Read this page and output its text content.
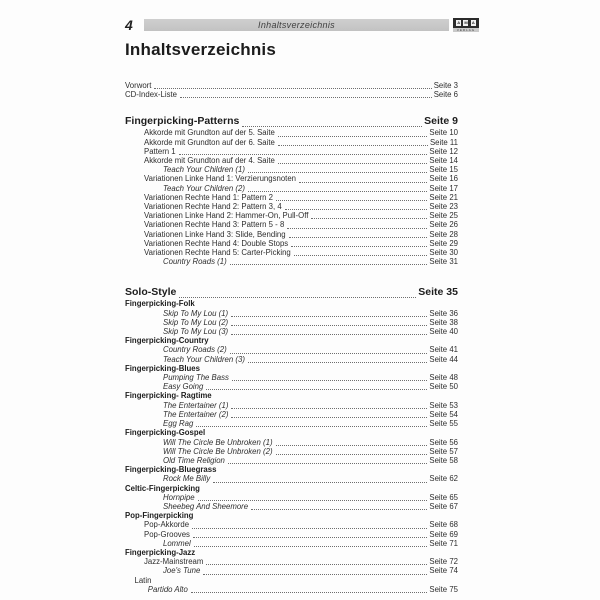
4	Inhaltsverzeichnis	A M A
VERLAG
Inhaltsverzeichnis
Vorwort	Seite 3
CD-Index-Liste	Seite 6
Fingerpicking-Patterns	Seite 9
Akkorde mit Grundton auf der 5. Saite	Seite 10
Akkorde mit Grundton auf der 6. Saite	Seite 11
Pattern 1	Seite 12
Akkorde mit Grundton auf der 4. Saite	Seite 14
Teach Your Children (1)	Seite 15
Variationen Linke Hand 1: Verzierungsnoten	Seite 16
Teach Your Children (2)	Seite 17
Variationen Rechte Hand 1: Pattern 2	Seite 21
Variationen Rechte Hand 2: Pattern 3, 4	Seite 23
Variationen Linke Hand 2: Hammer-On, Pull-Off	Seite 25
Variationen Rechte Hand 3: Pattern 5 - 8	Seite 26
Variationen Linke Hand 3: Slide, Bending	Seite 28
Variationen Rechte Hand 4: Double Stops	Seite 29
Variationen Rechte Hand 5: Carter-Picking	Seite 30
Country Roads (1)	Seite 31
Solo-Style	Seite 35
Fingerpicking-Folk
Skip To My Lou (1)	Seite 36
Skip To My Lou (2)	Seite 38
Skip To My Lou (3)	Seite 40
Fingerpicking-Country
Country Roads (2)	Seite 41
Teach Your Children (3)	Seite 44
Fingerpicking-Blues
Pumping The Bass	Seite 48
Easy Going	Seite 50
Fingerpicking- Ragtime
The Entertainer (1)	Seite 53
The Entertainer (2)	Seite 54
Egg Rag	Seite 55
Fingerpicking-Gospel
Will The Circle Be Unbroken (1)	Seite 56
Will The Circle Be Unbroken (2)	Seite 57
Old Time Religion	Seite 58
Fingerpicking-Bluegrass
Rock Me Billy	Seite 62
Celtic-Fingerpicking
Hornpipe	Seite 65
Sheebeg And Sheemore	Seite 67
Pop-Fingerpicking
Pop-Akkorde	Seite 68
Pop-Grooves	Seite 69
Lommel	Seite 71
Fingerpicking-Jazz
Jazz-Mainstream	Seite 72
Joe's Tune	Seite 74
Latin
Partido Alto	Seite 75
